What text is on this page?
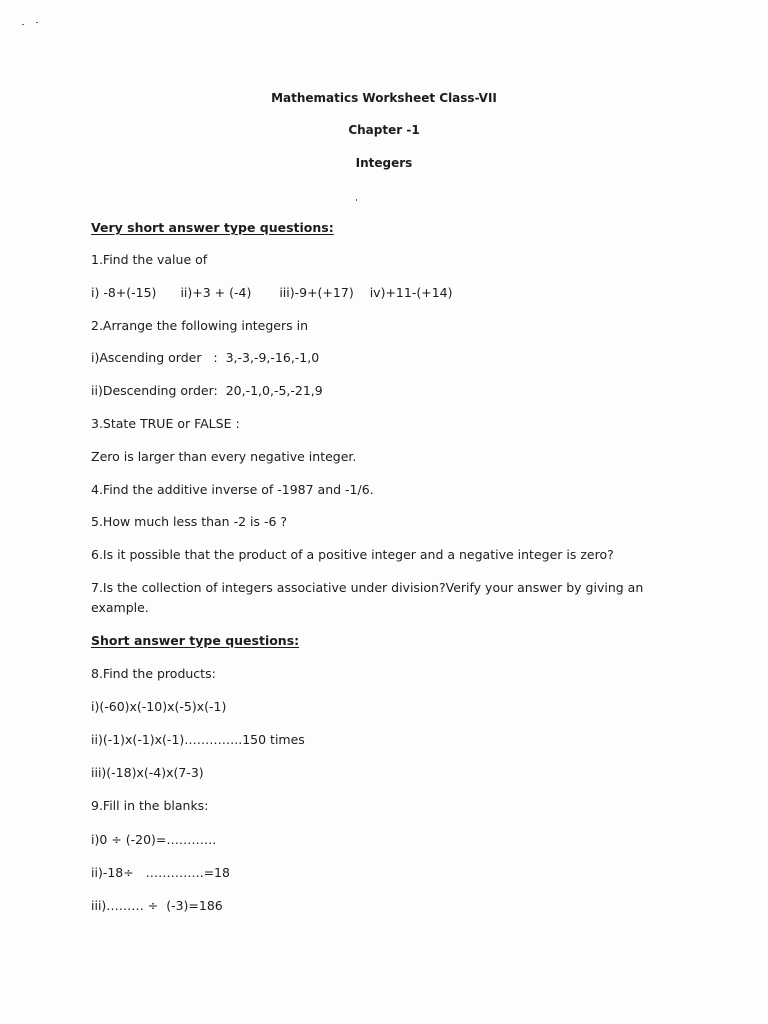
Mathematics Worksheet Class-VII
Chapter -1
Integers
Very short answer type questions:
1.Find the value of
i) -8+(-15) ii)+3 + (-4) iii)-9+(+17) iv)+11-(+14)
2.Arrange the following integers in
i)Ascending order   : 3,-3,-9,-16,-1,0
ii)Descending order: 20,-1,0,-5,-21,9
3.State TRUE or FALSE :
Zero is larger than every negative integer.
4.Find the additive inverse of -1987 and -1/6.
5.How much less than -2 is -6 ?
6.Is it possible that the product of a positive integer and a negative integer is zero?
7.Is the collection of integers associative under division?Verify your answer by giving an
example.
Short answer type questions:
8.Find the products:
i)(-60)x(-10)x(-5)x(-1)
ii)(-1)x(-1)x(-1)…………..150 times
iii)(-18)x(-4)x(7-3)
9.Fill in the blanks:
i)0 ÷ (-20)=…………
ii)-18÷   …………..=18
iii)……… ÷  (-3)=186
